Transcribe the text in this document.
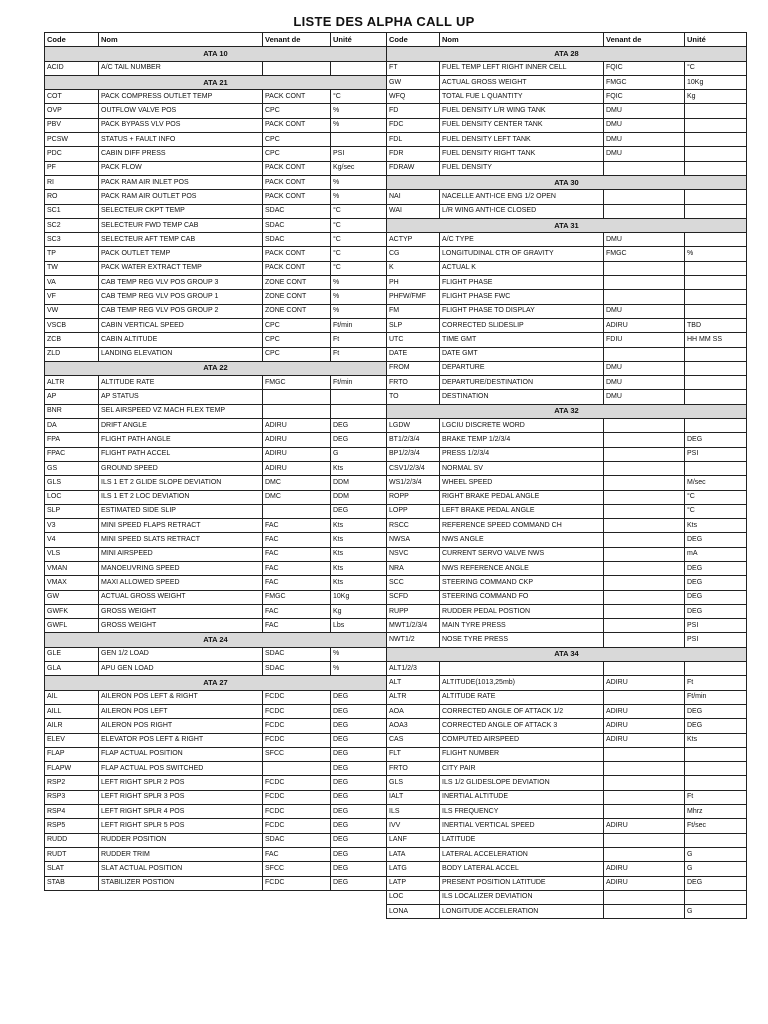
LISTE DES ALPHA CALL UP
Code	Nom	Venant de	Unité
ATA 10			
ACID	A/C TAIL NUMBER		
ATA 21			
COT	PACK COMPRESS OUTLET TEMP	PACK CONT	°C
OVP	OUTFLOW VALVE POS	CPC	%
PBV	PACK BYPASS VLV POS	PACK CONT	%
PCSW	STATUS + FAULT INFO	CPC	
PDC	CABIN DIFF PRESS	CPC	PSI
PF	PACK FLOW	PACK CONT	Kg/sec
RI	PACK RAM AIR INLET POS	PACK CONT	%
RO	PACK RAM AIR OUTLET POS	PACK CONT	%
SC1	SELECTEUR CKPT TEMP	SDAC	°C
SC2	SELECTEUR FWD TEMP CAB	SDAC	°C
SC3	SELECTEUR AFT TEMP CAB	SDAC	°C
TP	PACK OUTLET TEMP	PACK CONT	°C
TW	PACK WATER EXTRACT TEMP	PACK CONT	°C
VA	CAB TEMP REG VLV POS GROUP 3	ZONE CONT	%
VF	CAB TEMP REG VLV POS GROUP 1	ZONE CONT	%
VW	CAB TEMP REG VLV POS GROUP 2	ZONE CONT	%
VSCB	CABIN VERTICAL SPEED	CPC	Ft/min
ZCB	CABIN ALTITUDE	CPC	Ft
ZLD	LANDING ELEVATION	CPC	Ft
ATA 22			
ALTR	ALTITUDE RATE	FMGC	Ft/min
AP	AP STATUS		
BNR	SEL AIRSPEED VZ MACH FLEX TEMP		
DA	DRIFT ANGLE	ADIRU	DEG
FPA	FLIGHT PATH ANGLE	ADIRU	DEG
FPAC	FLIGHT PATH ACCEL	ADIRU	G
GS	GROUND SPEED	ADIRU	Kts
GLS	ILS 1 ET 2 GLIDE SLOPE DEVIATION	DMC	DDM
LOC	ILS 1 ET 2 LOC DEVIATION	DMC	DDM
SLP	ESTIMATED SIDE SLIP		DEG
V3	MINI SPEED FLAPS RETRACT	FAC	Kts
V4	MINI SPEED SLATS RETRACT	FAC	Kts
VLS	MINI AIRSPEED	FAC	Kts
VMAN	MANOEUVRING SPEED	FAC	Kts
VMAX	MAXI ALLOWED SPEED	FAC	Kts
GW	ACTUAL GROSS WEIGHT	FMGC	10Kg
GWFK	GROSS WEIGHT	FAC	Kg
GWFL	GROSS WEIGHT	FAC	Lbs
ATA 24			
GLE	GEN 1/2 LOAD	SDAC	%
GLA	APU GEN LOAD	SDAC	%
ATA 27			
AIL	AILERON POS LEFT & RIGHT	FCDC	DEG
AILL	AILERON POS LEFT	FCDC	DEG
AILR	AILERON POS RIGHT	FCDC	DEG
ELEV	ELEVATOR POS LEFT & RIGHT	FCDC	DEG
FLAP	FLAP ACTUAL POSITION	SFCC	DEG
FLAPW	FLAP ACTUAL POS SWITCHED		DEG
RSP2	LEFT RIGHT SPLR 2 POS	FCDC	DEG
RSP3	LEFT RIGHT SPLR 3 POS	FCDC	DEG
RSP4	LEFT RIGHT SPLR 4 POS	FCDC	DEG
RSP5	LEFT RIGHT SPLR 5 POS	FCDC	DEG
RUDD	RUDDER POSITION	SDAC	DEG
RUDT	RUDDER TRIM	FAC	DEG
SLAT	SLAT ACTUAL POSITION	SFCC	DEG
STAB	STABILIZER POSTION	FCDC	DEG
Code	Nom	Venant de	Unité
ATA 28			
FT	FUEL TEMP LEFT RIGHT INNER CELL	FQIC	°C
GW	ACTUAL GROSS WEIGHT	FMGC	10Kg
WFQ	TOTAL FUE L QUANTITY	FQIC	Kg
FD	FUEL DENSITY L/R WING TANK	DMU	
FDC	FUEL DENSITY CENTER TANK	DMU	
FDL	FUEL DENSITY LEFT TANK	DMU	
FDR	FUEL DENSITY RIGHT TANK	DMU	
FDRAW	FUEL DENSITY		
ATA 30			
NAI	NACELLE ANTI-ICE ENG 1/2 OPEN		
WAI	L/R WING ANTI-ICE CLOSED		
ATA 31			
ACTYP	A/C TYPE	DMU	
CG	LONGITUDINAL CTR OF GRAVITY	FMGC	%
K	ACTUAL K		
PH	FLIGHT PHASE		
PHFW/FMF	FLIGHT PHASE FWC		
FM	FLIGHT PHASE TO DISPLAY	DMU	
SLP	CORRECTED SLIDESLIP	ADIRU	TBD
UTC	TIME GMT	FDIU	HH MM SS
DATE	DATE GMT		
FROM	DEPARTURE	DMU	
FRTO	DEPARTURE/DESTINATION	DMU	
TO	DESTINATION	DMU	
ATA 32			
LGDW	LGCIU DISCRETE WORD		
BT1/2/3/4	BRAKE TEMP 1/2/3/4		DEG
BP1/2/3/4	PRESS 1/2/3/4		PSI
CSV1/2/3/4	NORMAL SV		
WS1/2/3/4	WHEEL SPEED		M/sec
ROPP	RIGHT BRAKE PEDAL ANGLE		°C
LOPP	LEFT BRAKE PEDAL ANGLE		°C
RSCC	REFERENCE SPEED COMMAND CH		Kts
NWSA	NWS ANGLE		DEG
NSVC	CURRENT SERVO VALVE NWS		mA
NRA	NWS REFERENCE ANGLE		DEG
SCC	STEERING COMMAND CKP		DEG
SCFD	STEERING COMMAND FO		DEG
RUPP	RUDDER PEDAL POSTION		DEG
MWT1/2/3/4	MAIN TYRE PRESS		PSI
NWT1/2	NOSE TYRE PRESS		PSI
ATA 34			
ALT1/2/3			
ALT	ALTITUDE(1013,25mb)	ADIRU	Ft
ALTR	ALTITUDE RATE		Ft/min
AOA	CORRECTED ANGLE OF ATTACK 1/2	ADIRU	DEG
AOA3	CORRECTED ANGLE OF ATTACK 3	ADIRU	DEG
CAS	COMPUTED AIRSPEED	ADIRU	Kts
FLT	FLIGHT NUMBER		
FRTO	CITY PAIR		
GLS	ILS 1/2 GLIDESLOPE DEVIATION		
IALT	INERTIAL ALTITUDE		Ft
ILS	ILS FREQUENCY		Mhrz
IVV	INERTIAL VERTICAL SPEED	ADIRU	Ft/sec
LANF	LATITUDE		
LATA	LATERAL ACCELERATION		G
LATG	BODY LATERAL ACCEL	ADIRU	G
LATP	PRESENT POSITION LATITUDE	ADIRU	DEG
LOC	ILS LOCALIZER DEVIATION		
LONA	LONGITUDE ACCELERATION		G
